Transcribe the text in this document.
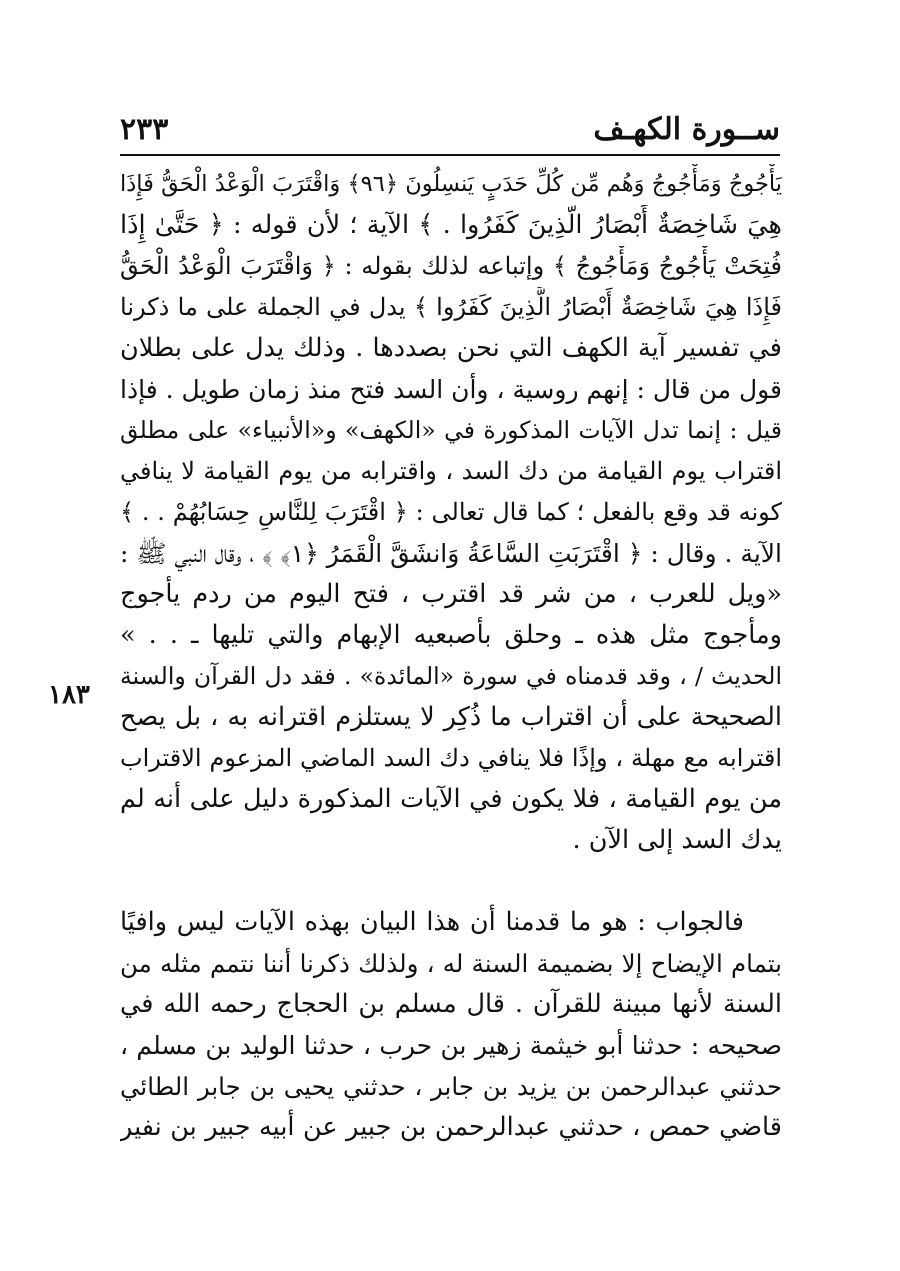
ســورة الكهـف
٢٣٣
١٨٣
يَأْجُوجُ وَمَأْجُوجُ وَهُم مِّن كُلِّ حَدَبٍ يَنسِلُونَ ﴿٩٦﴾ وَاقْتَرَبَ الْوَعْدُ الْحَقُّ فَإِذَا
هِيَ شَاخِصَةٌ أَبْصَارُ الَّذِينَ كَفَرُوا . ﴾ الآية ؛ لأن قوله : ﴿ حَتَّىٰ إِذَا
فُتِحَتْ يَأْجُوجُ وَمَأْجُوجُ ﴾ وإتباعه لذلك بقوله : ﴿ وَاقْتَرَبَ الْوَعْدُ الْحَقُّ
فَإِذَا هِيَ شَاخِصَةٌ أَبْصَارُ الَّذِينَ كَفَرُوا ﴾ يدل في الجملة على ما ذكرنا
في تفسير آية الكهف التي نحن بصددها . وذلك يدل على بطلان
قول من قال : إنهم روسية ، وأن السد فتح منذ زمان طويل . فإذا
قيل : إنما تدل الآيات المذكورة في «الكهف» و«الأنبياء» على مطلق
اقتراب يوم القيامة من دك السد ، واقترابه من يوم القيامة لا ينافي
كونه قد وقع بالفعل ؛ كما قال تعالى : ﴿ اقْتَرَبَ لِلنَّاسِ حِسَابُهُمْ . . ﴾
الآية . وقال : ﴿ اقْتَرَبَتِ السَّاعَةُ وَانشَقَّ الْقَمَرُ ﴿١﴾ ﴾ ، وقال النبي ﷺ :
«ويل للعرب ، من شر قد اقترب ، فتح اليوم من ردم يأجوج
ومأجوج مثل هذه ـ وحلق بأصبعيه الإبهام والتي تليها ـ . . »
الحديث / ، وقد قدمناه في سورة «المائدة» . فقد دل القرآن والسنة
الصحيحة على أن اقتراب ما ذُكِر لا يستلزم اقترانه به ، بل يصح
اقترابه مع مهلة ، وإذًا فلا ينافي دك السد الماضي المزعوم الاقتراب
من يوم القيامة ، فلا يكون في الآيات المذكورة دليل على أنه لم
يدك السد إلى الآن .
فالجواب : هو ما قدمنا أن هذا البيان بهذه الآيات ليس وافيًا
بتمام الإيضاح إلا بضميمة السنة له ، ولذلك ذكرنا أننا نتمم مثله من
السنة لأنها مبينة للقرآن . قال مسلم بن الحجاج رحمه الله في
صحيحه : حدثنا أبو خيثمة زهير بن حرب ، حدثنا الوليد بن مسلم ،
حدثني عبدالرحمن بن يزيد بن جابر ، حدثني يحيى بن جابر الطائي
قاضي حمص ، حدثني عبدالرحمن بن جبير عن أبيه جبير بن نفير
